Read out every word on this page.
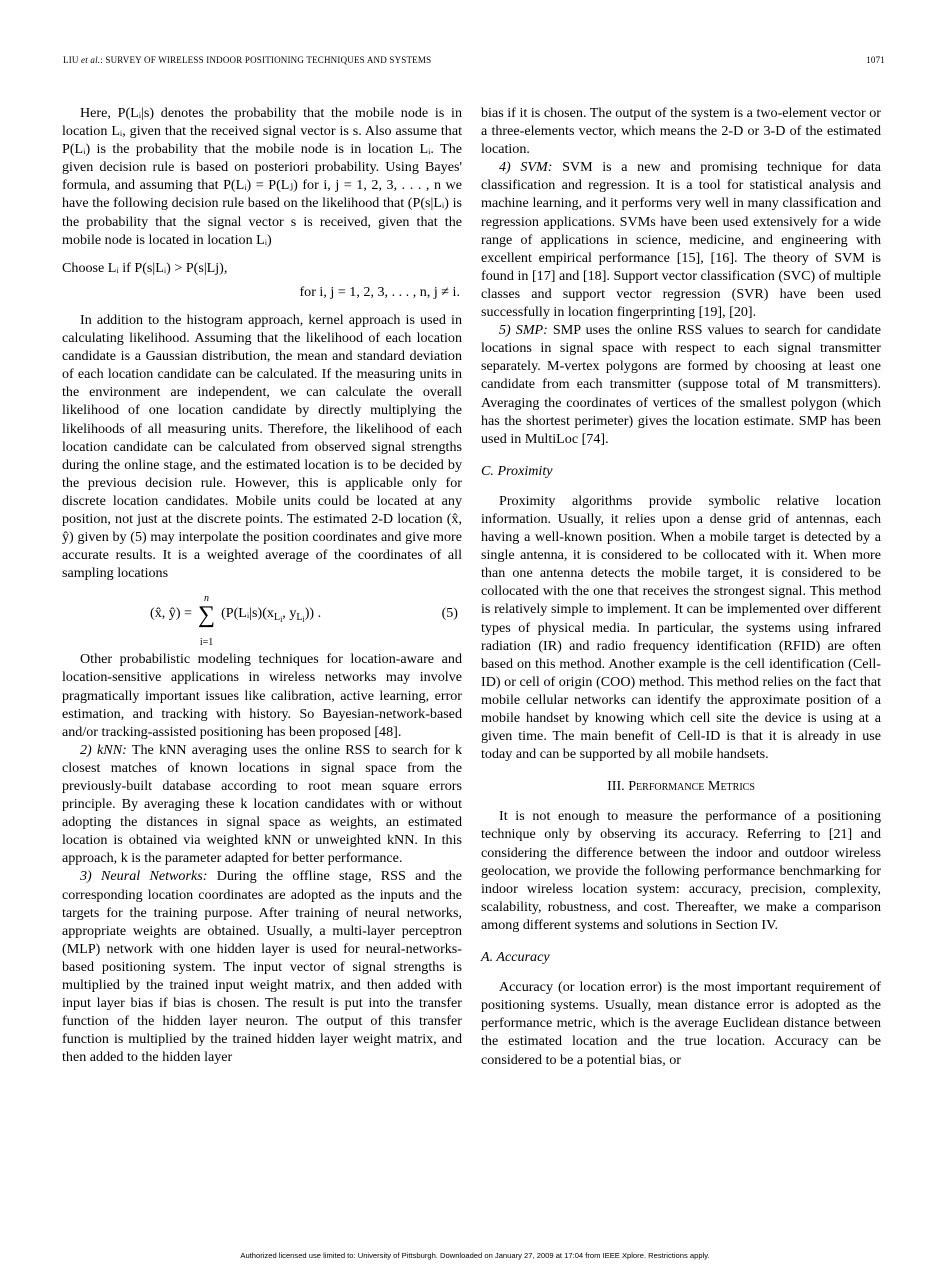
LIU et al.: SURVEY OF WIRELESS INDOOR POSITIONING TECHNIQUES AND SYSTEMS	1071

Here, P(Lᵢ|s) denotes the probability that the mobile node is in location Lᵢ, given that the received signal vector is s. Also assume that P(Lᵢ) is the probability that the mobile node is in location Lᵢ. The given decision rule is based on posteriori probability. Using Bayes' formula, and assuming that P(Lᵢ) = P(Lⱼ) for i, j = 1, 2, 3, . . . , n we have the following decision rule based on the likelihood that (P(s|Lᵢ) is the probability that the signal vector s is received, given that the mobile node is located in location Lᵢ)

Choose Lᵢ if P(s|Lᵢ) > P(s|Lj),
for i, j = 1, 2, 3, . . . , n, j ≠ i.

In addition to the histogram approach, kernel approach is used in calculating likelihood. Assuming that the likelihood of each location candidate is a Gaussian distribution, the mean and standard deviation of each location candidate can be calculated. If the measuring units in the environment are independent, we can calculate the overall likelihood of one location candidate by directly multiplying the likelihoods of all measuring units. Therefore, the likelihood of each location candidate can be calculated from observed signal strengths during the online stage, and the estimated location is to be decided by the previous decision rule. However, this is applicable only for discrete location candidates. Mobile units could be located at any position, not just at the discrete points. The estimated 2-D location (x̂, ŷ) given by (5) may interpolate the position coordinates and give more accurate results. It is a weighted average of the coordinates of all sampling locations

(x̂, ŷ) = ∑
n
i=1
($P(Lᵢ|s)(x_{L_i}$, $y_{L_i}$)) .	(5)

Other probabilistic modeling techniques for location-aware and location-sensitive applications in wireless networks may involve pragmatically important issues like calibration, active learning, error estimation, and tracking with history. So Bayesian-network-based and/or tracking-assisted positioning has been proposed [48].

2) kNN: The kNN averaging uses the online RSS to search for k closest matches of known locations in signal space from the previously-built database according to root mean square errors principle. By averaging these k location candidates with or without adopting the distances in signal space as weights, an estimated location is obtained via weighted kNN or unweighted kNN. In this approach, k is the parameter adapted for better performance.

3) Neural Networks: During the offline stage, RSS and the corresponding location coordinates are adopted as the inputs and the targets for the training purpose. After training of neural networks, appropriate weights are obtained. Usually, a multi-layer perceptron (MLP) network with one hidden layer is used for neural-networks-based positioning system. The input vector of signal strengths is multiplied by the trained input weight matrix, and then added with input layer bias if bias is chosen. The result is put into the transfer function of the hidden layer neuron. The output of this transfer function is multiplied by the trained hidden layer weight matrix, and then added to the hidden layer

bias if it is chosen. The output of the system is a two-element vector or a three-elements vector, which means the 2-D or 3-D of the estimated location.

4) SVM: SVM is a new and promising technique for data classification and regression. It is a tool for statistical analysis and machine learning, and it performs very well in many classification and regression applications. SVMs have been used extensively for a wide range of applications in science, medicine, and engineering with excellent empirical performance [15], [16]. The theory of SVM is found in [17] and [18]. Support vector classification (SVC) of multiple classes and support vector regression (SVR) have been used successfully in location fingerprinting [19], [20].

5) SMP: SMP uses the online RSS values to search for candidate locations in signal space with respect to each signal transmitter separately. M-vertex polygons are formed by choosing at least one candidate from each transmitter (suppose total of M transmitters). Averaging the coordinates of vertices of the smallest polygon (which has the shortest perimeter) gives the location estimate. SMP has been used in MultiLoc [74].

C. Proximity

Proximity algorithms provide symbolic relative location information. Usually, it relies upon a dense grid of antennas, each having a well-known position. When a mobile target is detected by a single antenna, it is considered to be collocated with it. When more than one antenna detects the mobile target, it is considered to be collocated with the one that receives the strongest signal. This method is relatively simple to implement. It can be implemented over different types of physical media. In particular, the systems using infrared radiation (IR) and radio frequency identification (RFID) are often based on this method. Another example is the cell identification (Cell-ID) or cell of origin (COO) method. This method relies on the fact that mobile cellular networks can identify the approximate position of a mobile handset by knowing which cell site the device is using at a given time. The main benefit of Cell-ID is that it is already in use today and can be supported by all mobile handsets.

III. Performance Metrics

It is not enough to measure the performance of a positioning technique only by observing its accuracy. Referring to [21] and considering the difference between the indoor and outdoor wireless geolocation, we provide the following performance benchmarking for indoor wireless location system: accuracy, precision, complexity, scalability, robustness, and cost. Thereafter, we make a comparison among different systems and solutions in Section IV.

A. Accuracy

Accuracy (or location error) is the most important requirement of positioning systems. Usually, mean distance error is adopted as the performance metric, which is the average Euclidean distance between the estimated location and the true location. Accuracy can be considered to be a potential bias, or

Authorized licensed use limited to: University of Pittsburgh. Downloaded on January 27, 2009 at 17:04 from IEEE Xplore. Restrictions apply.
